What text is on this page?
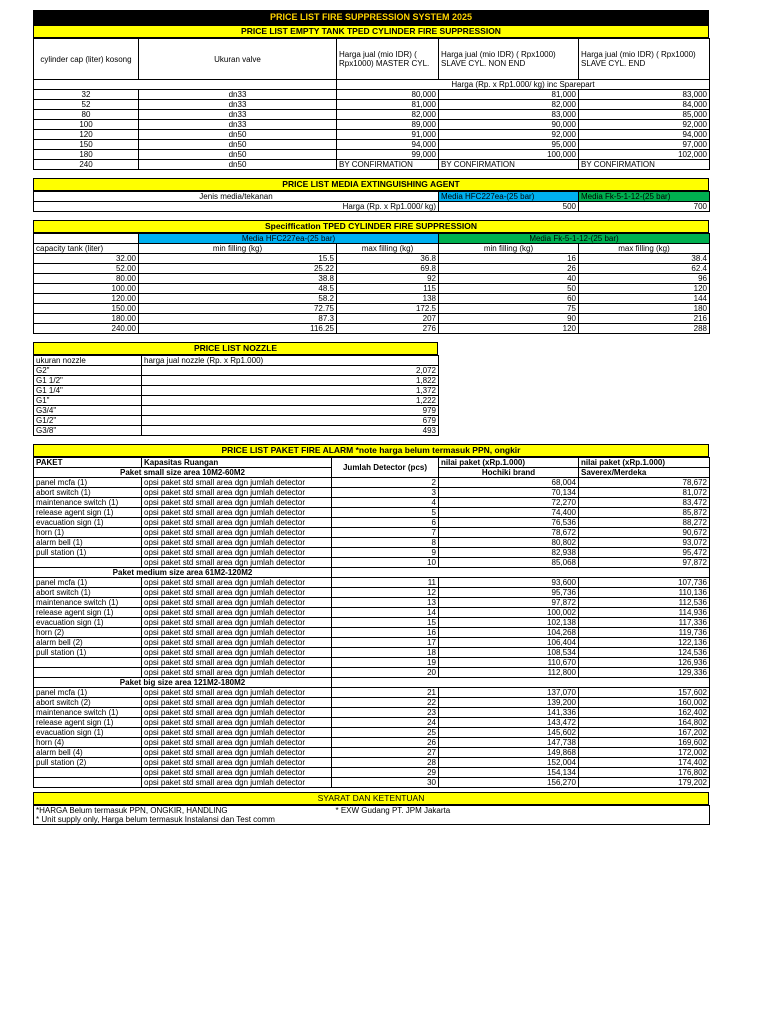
PRICE LIST FIRE SUPPRESSION SYSTEM 2025
PRICE LIST EMPTY TANK TPED CYLINDER FIRE SUPPRESSION
cylinder cap (liter) kosong	Ukuran valve	Harga jual (mio IDR) ( Rpx1000) MASTER CYL.	Harga jual (mio IDR) ( Rpx1000) SLAVE CYL. NON END	Harga jual (mio IDR) ( Rpx1000) SLAVE CYL. END
		Harga (Rp. x Rp1.000/ kg) inc Sparepart		
32	dn33	80,000	81,000	83,000
52	dn33	81,000	82,000	84,000
80	dn33	82,000	83,000	85,000
100	dn33	89,000	90,000	92,000
120	dn50	91,000	92,000	94,000
150	dn50	94,000	95,000	97,000
180	dn50	99,000	100,000	102,000
240	dn50	BY CONFIRMATION	BY CONFIRMATION	BY CONFIRMATION
PRICE LIST MEDIA EXTINGUISHING AGENT
Jenis media/tekanan	Media HFC227ea-(25 bar)	Media Fk-5-1-12-(25 bar)
Harga (Rp. x Rp1.000/ kg)	500	700
Specifficatlon TPED CYLINDER FIRE SUPPRESSION
	Media HFC227ea-(25 bar)		Media Fk-5-1-12-(25 bar)	
capacity tank (liter)	min filling (kg)	max filling (kg)	min filling (kg)	max filling (kg)
32.00	15.5	36.8	16	38.4
52.00	25.22	69.8	26	62.4
80.00	38.8	92	40	96
100.00	48.5	115	50	120
120.00	58.2	138	60	144
150.00	72.75	172.5	75	180
180.00	87.3	207	90	216
240.00	116.25	276	120	288
PRICE LIST NOZZLE
ukuran nozzle	harga jual nozzle (Rp. x Rp1.000)
G2"	2,072
G1 1/2"	1,822
G1 1/4"	1,372
G1"	1,222
G3/4"	979
G1/2"	679
G3/8"	493
PRICE LIST PAKET FIRE ALARM *note harga belum termasuk PPN, ongkir
PAKET	Kapasitas Ruangan	Jumlah Detector (pcs)	nilai paket (xRp.1.000)	nilai paket (xRp.1.000)
Paket small size area 10M2-60M2			Hochiki brand	Saverex/Merdeka
panel mcfa (1)	opsi paket std small area dgn jumlah detector	2	68,004	78,672
abort switch (1)	opsi paket std small area dgn jumlah detector	3	70,134	81,072
maintenance switch (1)	opsi paket std small area dgn jumlah detector	4	72,270	83,472
release agent sign (1)	opsi paket std small area dgn jumlah detector	5	74,400	85,872
evacuation sign (1)	opsi paket std small area dgn jumlah detector	6	76,536	88,272
horn (1)	opsi paket std small area dgn jumlah detector	7	78,672	90,672
alarm bell (1)	opsi paket std small area dgn jumlah detector	8	80,802	93,072
pull station (1)	opsi paket std small area dgn jumlah detector	9	82,938	95,472
	opsi paket std small area dgn jumlah detector	10	85,068	97,872
Paket medium size area 61M2-120M2				
panel mcfa (1)	opsi paket std small area dgn jumlah detector	11	93,600	107,736
abort switch (1)	opsi paket std small area dgn jumlah detector	12	95,736	110,136
maintenance switch (1)	opsi paket std small area dgn jumlah detector	13	97,872	112,536
release agent sign (1)	opsi paket std small area dgn jumlah detector	14	100,002	114,936
evacuation sign (1)	opsi paket std small area dgn jumlah detector	15	102,138	117,336
horn (2)	opsi paket std small area dgn jumlah detector	16	104,268	119,736
alarm bell (2)	opsi paket std small area dgn jumlah detector	17	106,404	122,136
pull station (1)	opsi paket std small area dgn jumlah detector	18	108,534	124,536
	opsi paket std small area dgn jumlah detector	19	110,670	126,936
	opsi paket std small area dgn jumlah detector	20	112,800	129,336
Paket big size area 121M2-180M2				
panel mcfa (1)	opsi paket std small area dgn jumlah detector	21	137,070	157,602
abort switch (2)	opsi paket std small area dgn jumlah detector	22	139,200	160,002
maintenance switch (1)	opsi paket std small area dgn jumlah detector	23	141,336	162,402
release agent sign (1)	opsi paket std small area dgn jumlah detector	24	143,472	164,802
evacuation sign (1)	opsi paket std small area dgn jumlah detector	25	145,602	167,202
horn (4)	opsi paket std small area dgn jumlah detector	26	147,738	169,602
alarm bell (4)	opsi paket std small area dgn jumlah detector	27	149,868	172,002
pull station (2)	opsi paket std small area dgn jumlah detector	28	152,004	174,402
	opsi paket std small area dgn jumlah detector	29	154,134	176,802
	opsi paket std small area dgn jumlah detector	30	156,270	179,202
SYARAT DAN KETENTUAN
*HARGA Belum termasuk PPN, ONGKIR, HANDLING	* EXW Gudang PT. JPM Jakarta
* Unit supply only, Harga belum termasuk Instalansi dan Test comm
